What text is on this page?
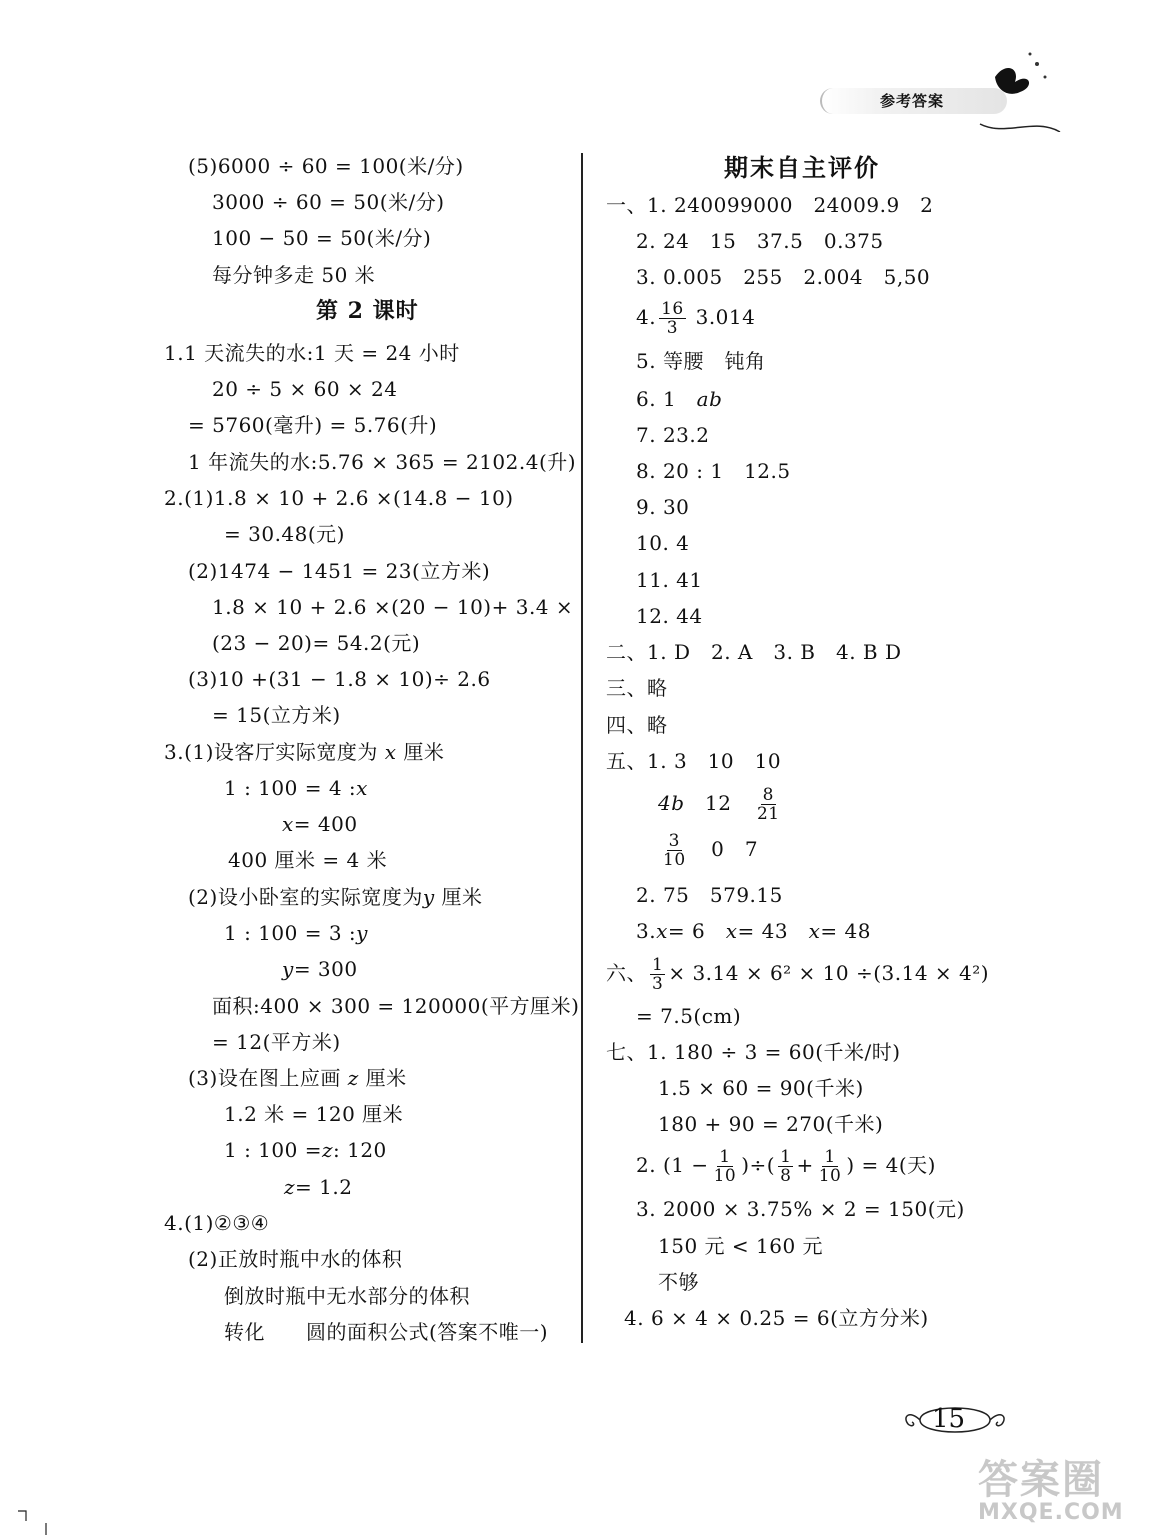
参考答案
(5)6000 ÷ 60 = 100(米/分)
3000 ÷ 60 = 50(米/分)
100 − 50 = 50(米/分)
每分钟多走 50 米
第 2 课时
1.1 天流失的水:1 天 = 24 小时
20 ÷ 5 × 60 × 24
= 5760(毫升) = 5.76(升)
1 年流失的水:5.76 × 365 = 2102.4(升)
2.(1)1.8 × 10 + 2.6 ×(14.8 − 10)
= 30.48(元)
(2)1474 − 1451 = 23(立方米)
1.8 × 10 + 2.6 ×(20 − 10)+ 3.4 ×
(23 − 20)= 54.2(元)
(3)10 +(31 − 1.8 × 10)÷ 2.6
= 15(立方米)
3.(1)设客厅实际宽度为 x 厘米
1 : 100 = 4 :x
x= 400
400 厘米 = 4 米
(2)设小卧室的实际宽度为y 厘米
1 : 100 = 3 :y
y= 300
面积:400 × 300 = 120000(平方厘米)
= 12(平方米)
(3)设在图上应画 z 厘米
1.2 米 = 120 厘米
1 : 100 =z: 120
z= 1.2
4.(1)②③④
(2)正放时瓶中水的体积
倒放时瓶中无水部分的体积
转化　　圆的面积公式(答案不唯一)
期末自主评价
一、1. 240099000　24009.9　2
2. 24　15　37.5　0.375
3. 0.005　255　2.004　5,50
4. $\frac{16}{3} 3.014$
5. 等腰　钝角
6. 1　 ab
7. 23.2
8. 20 : 1　12.5
9. 30
10. 4
11. 41
12. 44
二、1. D　2. A　3. B　4. B D
三、略
四、略
五、1. 3　10　10
4b　 12　 $\frac{8}{21}$
$\frac{3}{10}$
　 0　7
2. 75　579.15
3.x= 6　 x= 43　 x= 48
六、 $\frac{1}{3} \times 3.14 \times 6^2 \times 10 \div(3.14 \times 4^2)$
= 7.5(cm)
七、1. 180 ÷ 3 = 60(千米/时)
1.5 × 60 = 90(千米)
180 + 90 = 270(千米)
2. ($1 - \frac{1}{10}$ )÷( $\frac{1}{8} + \frac{1}{10}$ ) = 4(天)
3. 2000 × 3.75% × 2 = 150(元)
150 元 < 160 元
不够
4. 6 × 4 × 0.25 = 6(立方分米)
15
答案圈
MXQE.COM
